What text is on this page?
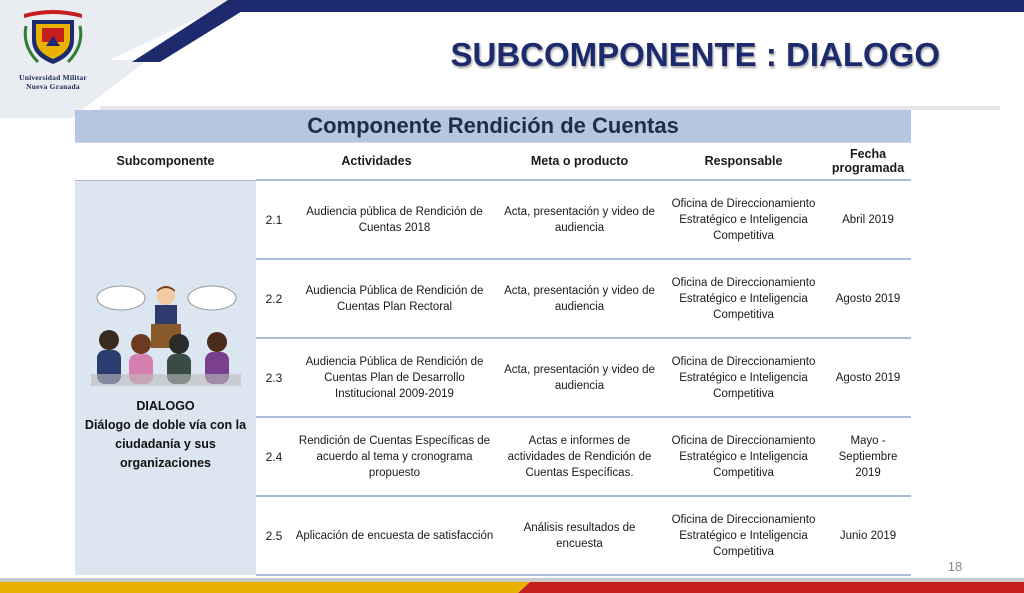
Universidad Militar
Nueva Granada
SUBCOMPONENTE : DIALOGO
Componente Rendición de Cuentas					
Subcomponente	Actividades		Meta o producto	Responsable	Fecha programada

DIALOGO
Diálogo de doble vía con la ciudadanía y sus organizaciones	2.1	Audiencia pública de Rendición de Cuentas 2018	Acta, presentación y video de audiencia	Oficina de Direccionamiento Estratégico e Inteligencia Competitiva	Abril 2019
	2.2	Audiencia Pública de Rendición de Cuentas Plan Rectoral	Acta, presentación y video de audiencia	Oficina de Direccionamiento Estratégico e Inteligencia Competitiva	Agosto 2019
	2.3	Audiencia Pública de Rendición de Cuentas Plan de Desarrollo Institucional 2009-2019	Acta, presentación y video de audiencia	Oficina de Direccionamiento Estratégico e Inteligencia Competitiva	Agosto 2019
	2.4	Rendición de Cuentas Específicas de acuerdo al tema y cronograma propuesto	Actas e informes de actividades de Rendición de Cuentas Específicas.	Oficina de Direccionamiento Estratégico e Inteligencia Competitiva	Mayo - Septiembre 2019
	2.5	Aplicación de encuesta de satisfacción	Análisis resultados de encuesta	Oficina de Direccionamiento Estratégico e Inteligencia Competitiva	Junio 2019
18
